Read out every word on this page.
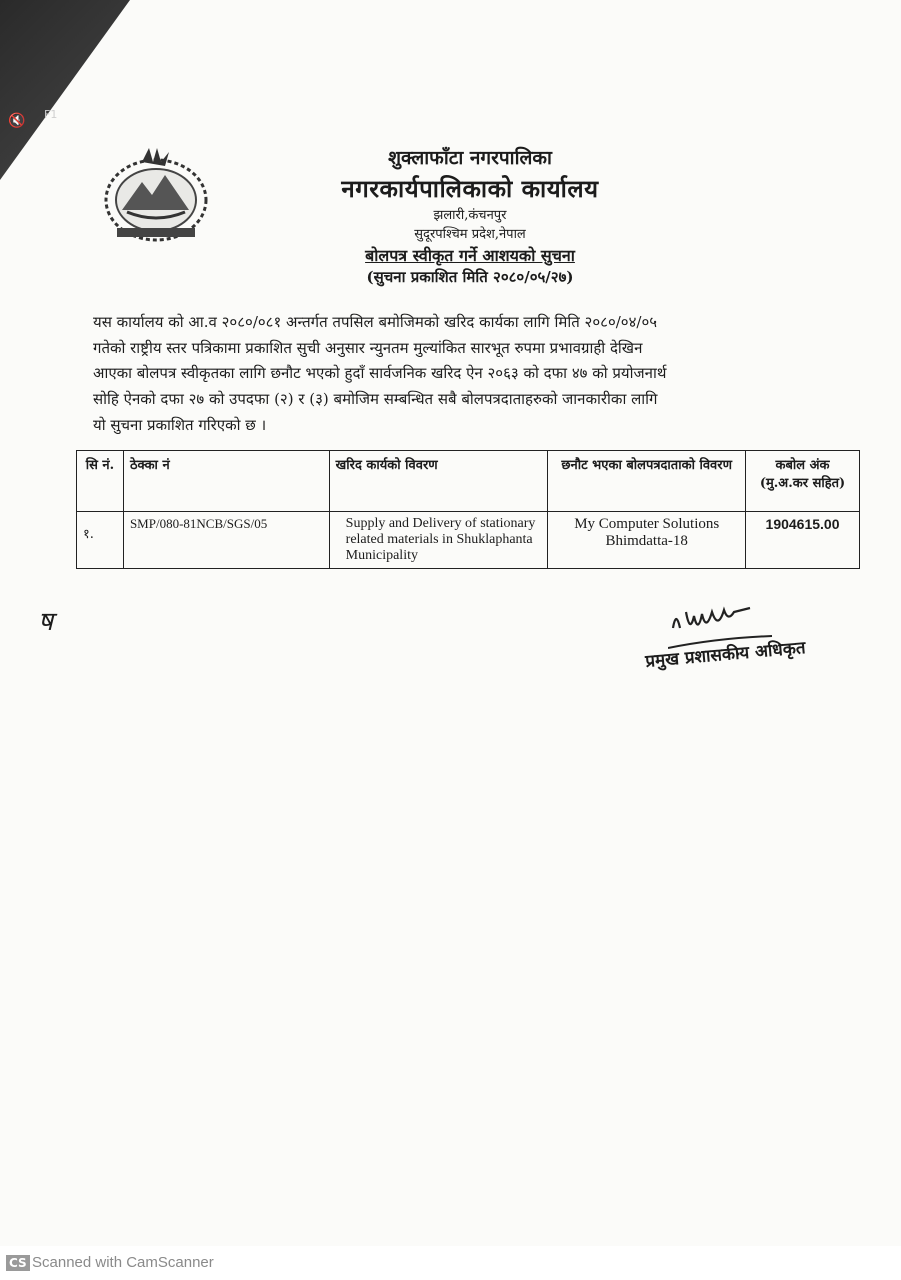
🔇 F1
शुक्लाफाँटा नगरपालिका
नगरकार्यपालिकाको कार्यालय
झलारी,कंचनपुर
सुदूरपश्चिम प्रदेश,नेपाल
बोलपत्र स्वीकृत गर्ने आशयको सुचना
(सुचना प्रकाशित मिति २०८०/०५/२७)
यस कार्यालय को आ.व २०८०/०८१ अन्तर्गत तपसिल बमोजिमको खरिद कार्यका लागि मिति २०८०/०४/०५
गतेको राष्ट्रीय स्तर पत्रिकामा प्रकाशित सुची अनुसार न्युनतम मुल्यांकित सारभूत रुपमा प्रभावग्राही देखिन
आएका बोलपत्र स्वीकृतका लागि छनौट भएको हुदाँ सार्वजनिक खरिद ऐन २०६३ को दफा ४७ को प्रयोजनार्थ
सोहि ऐनको दफा २७ को उपदफा (२) र (३) बमोजिम सम्बन्धित सबै बोलपत्रदाताहरुको जानकारीका लागि
यो सुचना प्रकाशित गरिएको छ ।
सि नं.	ठेक्का नं	खरिद कार्यको विवरण	छनौट भएका बोलपत्रदाताको विवरण	कबोल अंक (मु.अ.कर सहित)
१.	SMP/080-81NCB/SGS/05	Supply and Delivery of stationary related materials in Shuklaphanta Municipality	My Computer Solutions Bhimdatta-18	1904615.00
ष
प्रमुख प्रशासकीय अधिकृत
CS Scanned with CamScanner
